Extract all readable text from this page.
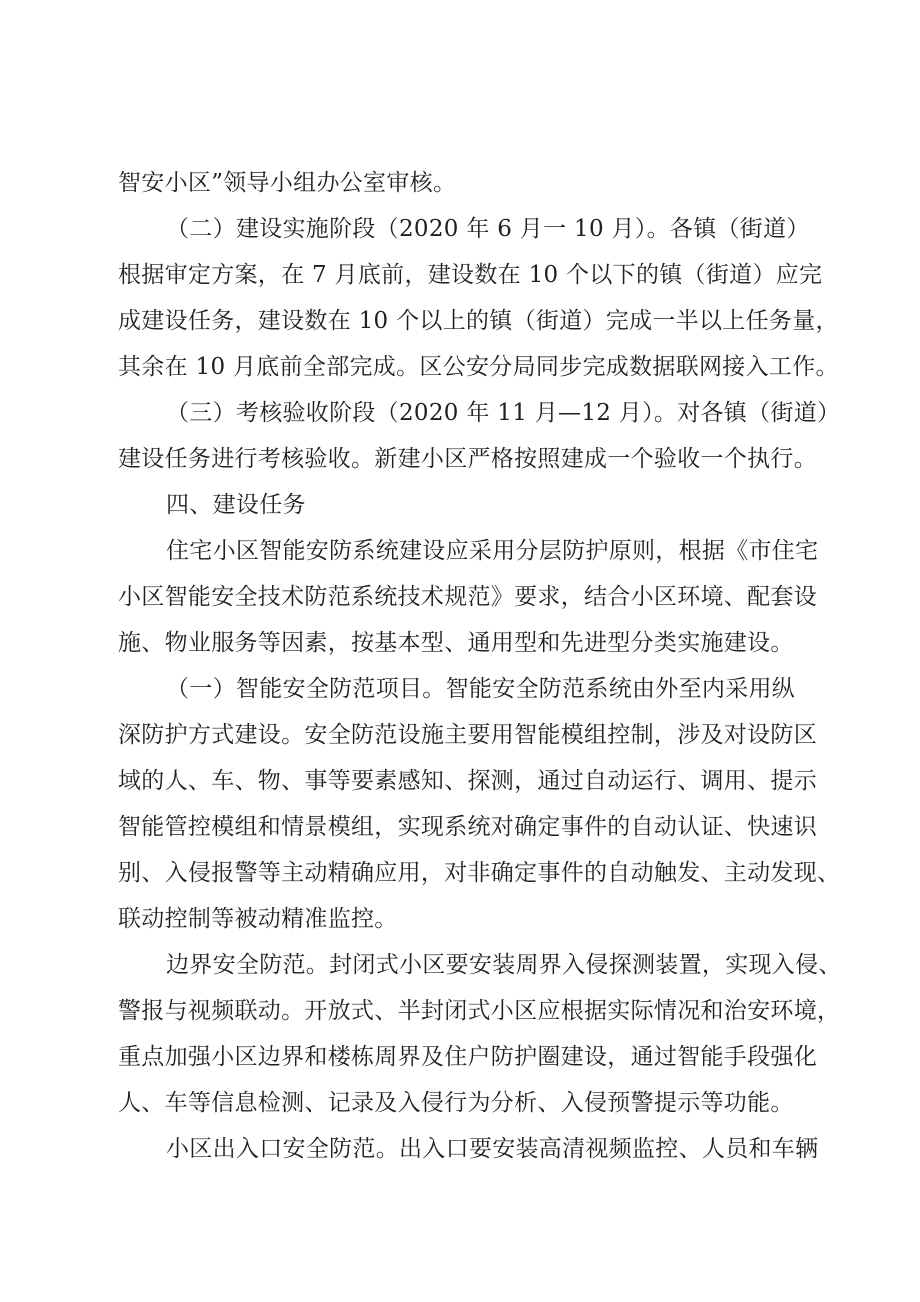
智安小区”领导小组办公室审核。
（二）建设实施阶段（2020 年 6 月一 10 月）。各镇（街道）
根据审定方案，在 7 月底前，建设数在 10 个以下的镇（街道）应完
成建设任务，建设数在 10 个以上的镇（街道）完成一半以上任务量，
其余在 10 月底前全部完成。区公安分局同步完成数据联网接入工作。
（三）考核验收阶段（2020 年 11 月—12 月）。对各镇（街道）
建设任务进行考核验收。新建小区严格按照建成一个验收一个执行。
四、建设任务
住宅小区智能安防系统建设应采用分层防护原则，根据《市住宅
小区智能安全技术防范系统技术规范》要求，结合小区环境、配套设
施、物业服务等因素，按基本型、通用型和先进型分类实施建设。
（一）智能安全防范项目。智能安全防范系统由外至内采用纵
深防护方式建设。安全防范设施主要用智能模组控制，涉及对设防区
域的人、车、物、事等要素感知、探测，通过自动运行、调用、提示
智能管控模组和情景模组，实现系统对确定事件的自动认证、快速识
别、入侵报警等主动精确应用，对非确定事件的自动触发、主动发现、
联动控制等被动精准监控。
边界安全防范。封闭式小区要安装周界入侵探测装置，实现入侵、
警报与视频联动。开放式、半封闭式小区应根据实际情况和治安环境，
重点加强小区边界和楼栋周界及住户防护圈建设，通过智能手段强化
人、车等信息检测、记录及入侵行为分析、入侵预警提示等功能。
小区出入口安全防范。出入口要安装高清视频监控、人员和车辆
